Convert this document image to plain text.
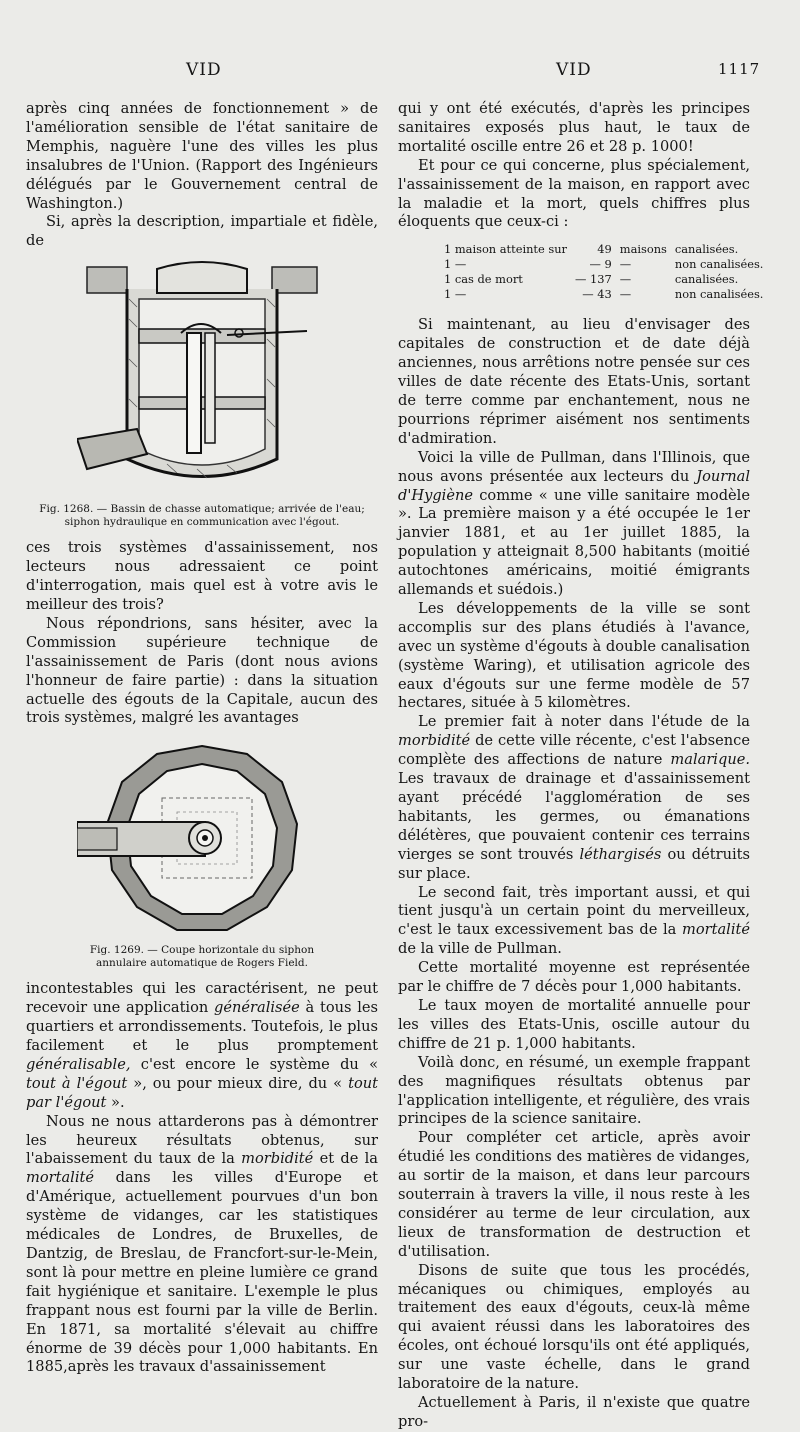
VID	VID	1117

après cinq années de fonctionnement » de l'amélioration sensible de l'état sanitaire de Memphis, naguère l'une des villes les plus insalubres de l'Union. (Rapport des Ingénieurs délégués par le Gouvernement central de Washington.)

Si, après la description, impartiale et fidèle, de

Fig. 1268. — Bassin de chasse automatique; arrivée de l'eau; siphon hydraulique en communication avec l'égout.

ces trois systèmes d'assainissement, nos lecteurs nous adressaient ce point d'interrogation, mais quel est à votre avis le meilleur des trois?

Nous répondrions, sans hésiter, avec la Commission supérieure technique de l'assainissement de Paris (dont nous avions l'honneur de faire partie) : dans la situation actuelle des égouts de la Capitale, aucun des trois systèmes, malgré les avantages

Fig. 1269. — Coupe horizontale du siphon
annulaire automatique de Rogers Field.

incontestables qui les caractérisent, ne peut recevoir une application généralisée à tous les quartiers et arrondissements. Toutefois, le plus facilement et le plus promptement généralisable, c'est encore le système du « tout à l'égout », ou pour mieux dire, du « tout par l'égout ».

Nous ne nous attarderons pas à démontrer les heureux résultats obtenus, sur l'abaissement du taux de la morbidité et de la mortalité dans les villes d'Europe et d'Amérique, actuellement pourvues d'un bon système de vidanges, car les statistiques médicales de Londres, de Bruxelles, de Dantzig, de Breslau, de Francfort-sur-le-Mein, sont là pour mettre en pleine lumière ce grand fait hygiénique et sanitaire. L'exemple le plus frappant nous est fourni par la ville de Berlin. En 1871, sa mortalité s'élevait au chiffre énorme de 39 décès pour 1,000 habitants. En 1885,après les travaux d'assainissement

qui y ont été exécutés, d'après les principes sanitaires exposés plus haut, le taux de mortalité oscille entre 26 et 28 p. 1000!

Et pour ce qui concerne, plus spécialement, l'assainissement de la maison, en rapport avec la maladie et la mort, quels chiffres plus éloquents que ceux-ci :

1 maison atteinte sur	49	maisons	canalisées.
1 —	— 9	—	non canalisées.
1 cas de mort	— 137	—	canalisées.
1 —	— 43	—	non canalisées.

Si maintenant, au lieu d'envisager des capitales de construction et de date déjà anciennes, nous arrêtions notre pensée sur ces villes de date récente des Etats-Unis, sortant de terre comme par enchantement, nous ne pourrions réprimer aisément nos sentiments d'admiration.

Voici la ville de Pullman, dans l'Illinois, que nous avons présentée aux lecteurs du Journal d'Hygiène comme « une ville sanitaire modèle ». La première maison y a été occupée le 1er janvier 1881, et au 1er juillet 1885, la population y atteignait 8,500 habitants (moitié autochtones américains, moitié émigrants allemands et suédois.)

Les développements de la ville se sont accomplis sur des plans étudiés à l'avance, avec un système d'égouts à double canalisation (système Waring), et utilisation agricole des eaux d'égouts sur une ferme modèle de 57 hectares, située à 5 kilomètres.

Le premier fait à noter dans l'étude de la morbidité de cette ville récente, c'est l'absence complète des affections de nature malarique. Les travaux de drainage et d'assainissement ayant précédé l'agglomération de ses habitants, les germes, ou émanations délétères, que pouvaient contenir ces terrains vierges se sont trouvés léthargisés ou détruits sur place.

Le second fait, très important aussi, et qui tient jusqu'à un certain point du merveilleux, c'est le taux excessivement bas de la mortalité de la ville de Pullman.

Cette mortalité moyenne est représentée par le chiffre de 7 décès pour 1,000 habitants.

Le taux moyen de mortalité annuelle pour les villes des Etats-Unis, oscille autour du chiffre de 21 p. 1,000 habitants.

Voilà donc, en résumé, un exemple frappant des magnifiques résultats obtenus par l'application intelligente, et régulière, des vrais principes de la science sanitaire.

Pour compléter cet article, après avoir étudié les conditions des matières de vidanges, au sortir de la maison, et dans leur parcours souterrain à travers la ville, il nous reste à les considérer au terme de leur circulation, aux lieux de transformation de destruction et d'utilisation.

Disons de suite que tous les procédés, mécaniques ou chimiques, employés au traitement des eaux d'égouts, ceux-là même qui avaient réussi dans les laboratoires des écoles, ont échoué lorsqu'ils ont été appliqués, sur une vaste échelle, dans le grand laboratoire de la nature.

Actuellement à Paris, il n'existe que quatre pro-
